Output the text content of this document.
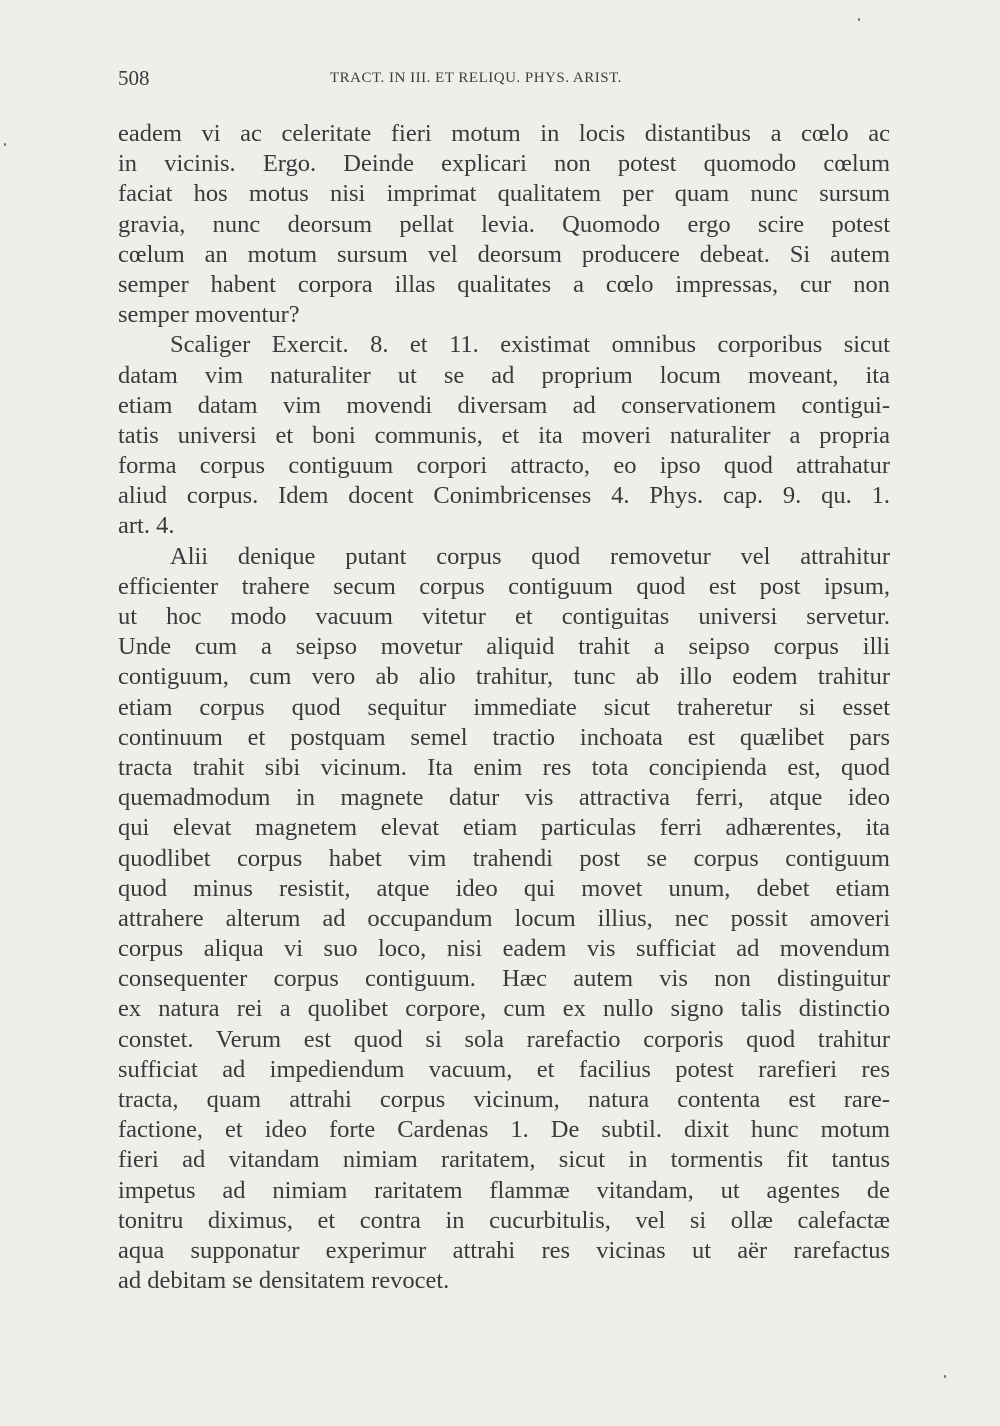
508	TRACT. IN III. ET RELIQU. PHYS. ARIST.
eadem vi ac celeritate fieri motum in locis distantibus a cœlo ac
in vicinis. Ergo. Deinde explicari non potest quomodo cœlum
faciat hos motus nisi imprimat qualitatem per quam nunc sursum
gravia, nunc deorsum pellat levia. Quomodo ergo scire potest
cœlum an motum sursum vel deorsum producere debeat. Si autem
semper habent corpora illas qualitates a cœlo impressas, cur non
semper moventur?
Scaliger Exercit. 8. et 11. existimat omnibus corporibus sicut
datam vim naturaliter ut se ad proprium locum moveant, ita
etiam datam vim movendi diversam ad conservationem contigui-
tatis universi et boni communis, et ita moveri naturaliter a propria
forma corpus contiguum corpori attracto, eo ipso quod attrahatur
aliud corpus. Idem docent Conimbricenses 4. Phys. cap. 9. qu. 1.
art. 4.
Alii denique putant corpus quod removetur vel attrahitur
efficienter trahere secum corpus contiguum quod est post ipsum,
ut hoc modo vacuum vitetur et contiguitas universi servetur.
Unde cum a seipso movetur aliquid trahit a seipso corpus illi
contiguum, cum vero ab alio trahitur, tunc ab illo eodem trahitur
etiam corpus quod sequitur immediate sicut traheretur si esset
continuum et postquam semel tractio inchoata est quælibet pars
tracta trahit sibi vicinum. Ita enim res tota concipienda est, quod
quemadmodum in magnete datur vis attractiva ferri, atque ideo
qui elevat magnetem elevat etiam particulas ferri adhærentes, ita
quodlibet corpus habet vim trahendi post se corpus contiguum
quod minus resistit, atque ideo qui movet unum, debet etiam
attrahere alterum ad occupandum locum illius, nec possit amoveri
corpus aliqua vi suo loco, nisi eadem vis sufficiat ad movendum
consequenter corpus contiguum. Hæc autem vis non distinguitur
ex natura rei a quolibet corpore, cum ex nullo signo talis distinctio
constet. Verum est quod si sola rarefactio corporis quod trahitur
sufficiat ad impediendum vacuum, et facilius potest rarefieri res
tracta, quam attrahi corpus vicinum, natura contenta est rare-
factione, et ideo forte Cardenas 1. De subtil. dixit hunc motum
fieri ad vitandam nimiam raritatem, sicut in tormentis fit tantus
impetus ad nimiam raritatem flammæ vitandam, ut agentes de
tonitru diximus, et contra in cucurbitulis, vel si ollæ calefactæ
aqua supponatur experimur attrahi res vicinas ut aër rarefactus
ad debitam se densitatem revocet.
